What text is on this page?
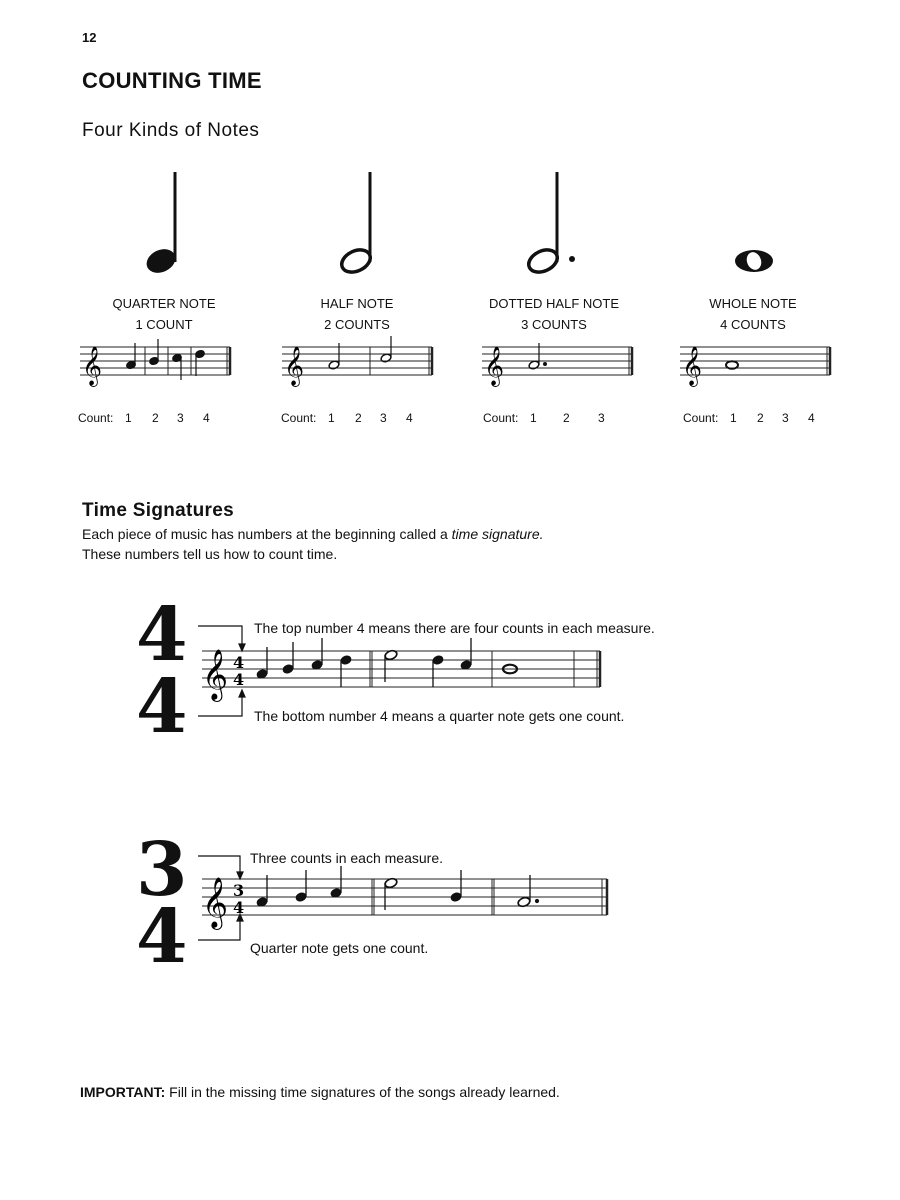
12
COUNTING TIME
Four Kinds of Notes
QUARTER NOTE
1 COUNT
HALF NOTE
2 COUNTS
DOTTED HALF NOTE
3 COUNTS
WHOLE NOTE
4 COUNTS
𝄞	𝄞	𝄞	𝄞
Count: 1 2 3 4	Count: 1 2 3 4	Count: 1 2 3	Count: 1 2 3 4
Time Signatures
Each piece of music has numbers at the beginning called a time signature.
These numbers tell us how to count time.
4
4
The top number 4 means there are four counts in each measure.
The bottom number 4 means a quarter note gets one count.
𝄞 4
4
3
4
Three counts in each measure.
Quarter note gets one count.
𝄞 3
4
IMPORTANT: Fill in the missing time signatures of the songs already learned.
